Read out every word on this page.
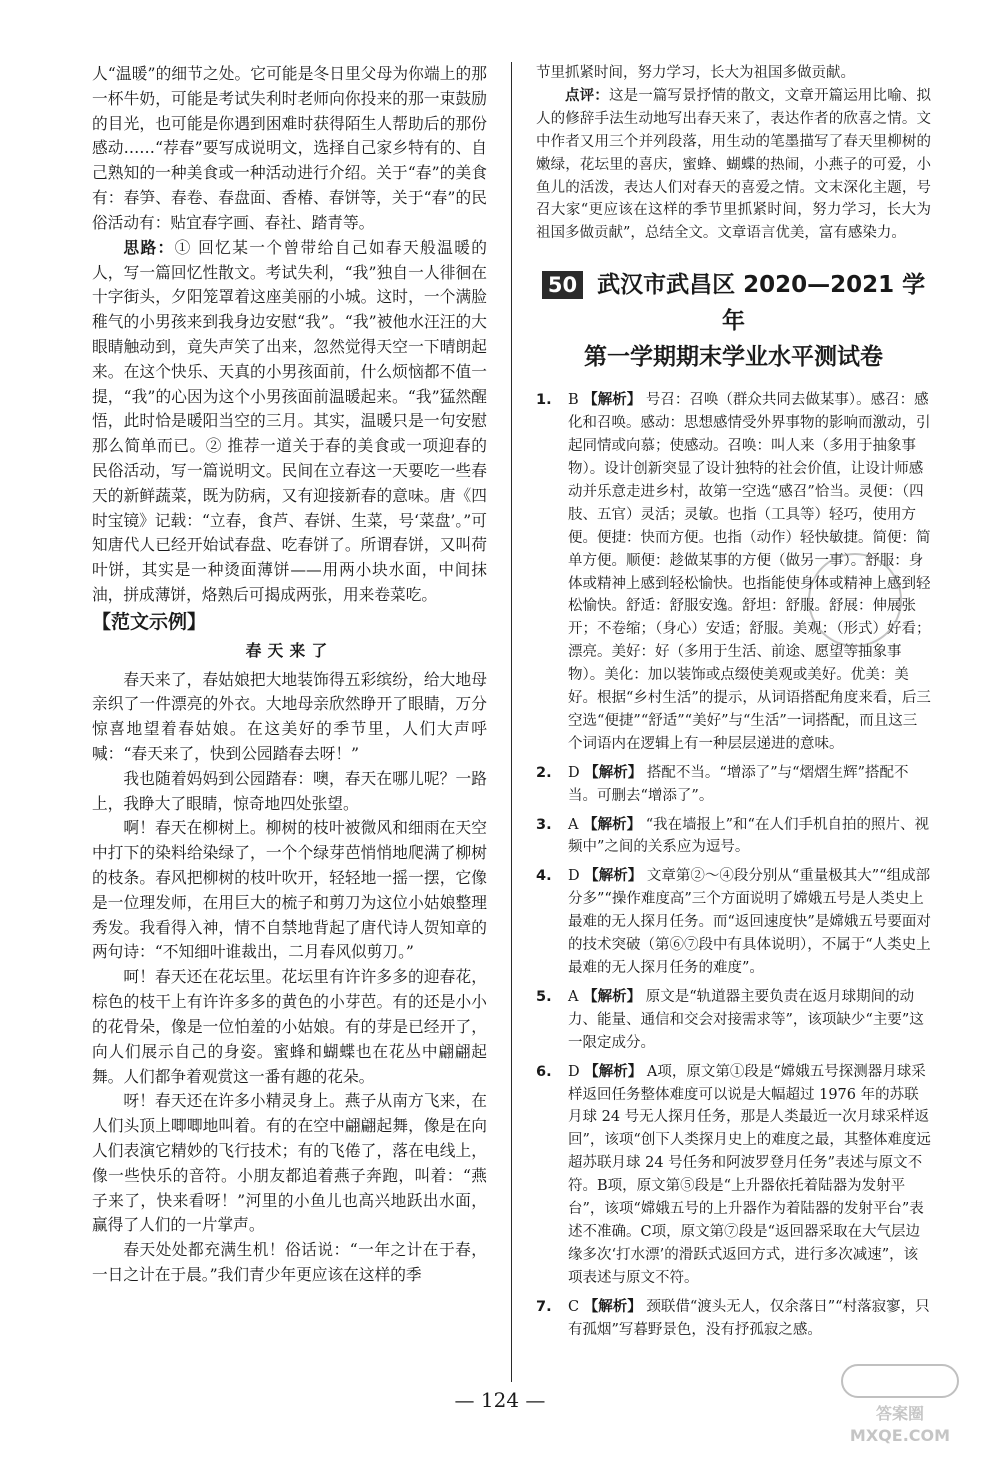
人“温暖”的细节之处。它可能是冬日里父母为你端上的那一杯牛奶，可能是考试失利时老师向你投来的那一束鼓励的目光，也可能是你遇到困难时获得陌生人帮助后的那份感动……“荐春”要写成说明文，选择自己家乡特有的、自己熟知的一种美食或一种活动进行介绍。关于“春”的美食有：春笋、春卷、春盘面、香椿、春饼等，关于“春”的民俗活动有：贴宜春字画、春社、踏青等。

思路：① 回忆某一个曾带给自己如春天般温暖的人，写一篇回忆性散文。考试失利，“我”独自一人徘徊在十字街头，夕阳笼罩着这座美丽的小城。这时，一个满脸稚气的小男孩来到我身边安慰“我”。“我”被他水汪汪的大眼睛触动到，竟失声笑了出来，忽然觉得天空一下晴朗起来。在这个快乐、天真的小男孩面前，什么烦恼都不值一提，“我”的心因为这个小男孩面前温暖起来。“我”猛然醒悟，此时恰是暖阳当空的三月。其实，温暖只是一句安慰那么简单而已。② 推荐一道关于春的美食或一项迎春的民俗活动，写一篇说明文。民间在立春这一天要吃一些春天的新鲜蔬菜，既为防病，又有迎接新春的意味。唐《四时宝镜》记载：“立春，食芦、春饼、生菜，号‘菜盘’。”可知唐代人已经开始试春盘、吃春饼了。所谓春饼，又叫荷叶饼，其实是一种烫面薄饼——用两小块水面，中间抹油，拼成薄饼，烙熟后可揭成两张，用来卷菜吃。

【范文示例】
春天来了

春天来了，春姑娘把大地装饰得五彩缤纷，给大地母亲织了一件漂亮的外衣。大地母亲欣然睁开了眼睛，万分惊喜地望着春姑娘。在这美好的季节里，人们大声呼喊：“春天来了，快到公园踏春去呀！”

我也随着妈妈到公园踏春：噢，春天在哪儿呢？一路上，我睁大了眼睛，惊奇地四处张望。

啊！春天在柳树上。柳树的枝叶被微风和细雨在天空中打下的染料给染绿了，一个个绿芽芭悄悄地爬满了柳树的枝条。春风把柳树的枝叶吹开，轻轻地一摇一摆，它像是一位理发师，在用巨大的梳子和剪刀为这位小姑娘整理秀发。我看得入神，情不自禁地背起了唐代诗人贺知章的两句诗：“不知细叶谁裁出，二月春风似剪刀。”

呵！春天还在花坛里。花坛里有许许多多的迎春花，棕色的枝干上有许许多多的黄色的小芽芭。有的还是小小的花骨朵，像是一位怕羞的小姑娘。有的芽是已经开了，向人们展示自己的身姿。蜜蜂和蝴蝶也在花丛中翩翩起舞。人们都争着观赏这一番有趣的花朵。

呀！春天还在许多小精灵身上。燕子从南方飞来，在人们头顶上唧唧地叫着。有的在空中翩翩起舞，像是在向人们表演它精妙的飞行技术；有的飞倦了，落在电线上，像一些快乐的音符。小朋友都追着燕子奔跑，叫着：“燕子来了，快来看呀！”河里的小鱼儿也高兴地跃出水面，赢得了人们的一片掌声。

春天处处都充满生机！俗话说：“一年之计在于春，一日之计在于晨。”我们青少年更应该在这样的季

节里抓紧时间，努力学习，长大为祖国多做贡献。

点评：这是一篇写景抒情的散文，文章开篇运用比喻、拟人的修辞手法生动地写出春天来了，表达作者的欣喜之情。文中作者又用三个并列段落，用生动的笔墨描写了春天里柳树的嫩绿，花坛里的喜庆，蜜蜂、蝴蝶的热闹，小燕子的可爱，小鱼儿的活泼，表达人们对春天的喜爱之情。文末深化主题，号召大家“更应该在这样的季节里抓紧时间，努力学习，长大为祖国多做贡献”，总结全文。文章语言优美，富有感染力。

50 武汉市武昌区 2020—2021 学年
第一学期期末学业水平测试卷
1. B 【解析】 号召：召唤（群众共同去做某事）。感召：感化和召唤。感动：思想感情受外界事物的影响而激动，引起同情或向慕；使感动。召唤：叫人来（多用于抽象事物）。设计创新突显了设计独特的社会价值，让设计师感动并乐意走进乡村，故第一空选“感召”恰当。灵便：（四肢、五官）灵活；灵敏。也指（工具等）轻巧，使用方便。便捷：快而方便。也指（动作）轻快敏捷。简便：简单方便。顺便：趁做某事的方便（做另一事）。舒服：身体或精神上感到轻松愉快。也指能使身体或精神上感到轻松愉快。舒适：舒服安逸。舒坦：舒服。舒展：伸展张开；不卷缩；（身心）安适；舒服。美观：（形式）好看；漂亮。美好：好（多用于生活、前途、愿望等抽象事物）。美化：加以装饰或点缀使美观或美好。优美：美好。根据“乡村生活”的提示，从词语搭配角度来看，后三空选“便捷”“舒适”“美好”与“生活”一词搭配，而且这三个词语内在逻辑上有一种层层递进的意味。
2. D 【解析】 搭配不当。“增添了”与“熠熠生辉”搭配不当。可删去“增添了”。
3. A 【解析】 “我在墙报上”和“在人们手机自拍的照片、视频中”之间的关系应为逗号。
4. D 【解析】 文章第②～④段分别从“重量极其大”“组成部分多”“操作难度高”三个方面说明了嫦娥五号是人类史上最难的无人探月任务。而“返回速度快”是嫦娥五号要面对的技术突破（第⑥⑦段中有具体说明），不属于“人类史上最难的无人探月任务的难度”。
5. A 【解析】 原文是“轨道器主要负责在返月球期间的动力、能量、通信和交会对接需求等”，该项缺少“主要”这一限定成分。
6. D 【解析】 A项，原文第①段是“嫦娥五号探测器月球采样返回任务整体难度可以说是大幅超过 1976 年的苏联月球 24 号无人探月任务，那是人类最近一次月球采样返回”，该项“创下人类探月史上的难度之最，其整体难度远超苏联月球 24 号任务和阿波罗登月任务”表述与原文不符。B项，原文第⑤段是“上升器依托着陆器为发射平台”，该项“嫦娥五号的上升器作为着陆器的发射平台”表述不准确。C项，原文第⑦段是“返回器采取在大气层边缘多次‘打水漂’的滑跃式返回方式，进行多次减速”，该项表述与原文不符。
7. C 【解析】 颈联借“渡头无人，仅余落日”“村落寂寥，只有孤烟”写暮野景色，没有抒孤寂之感。
— 124 —
答案圈
MXQE.COM
